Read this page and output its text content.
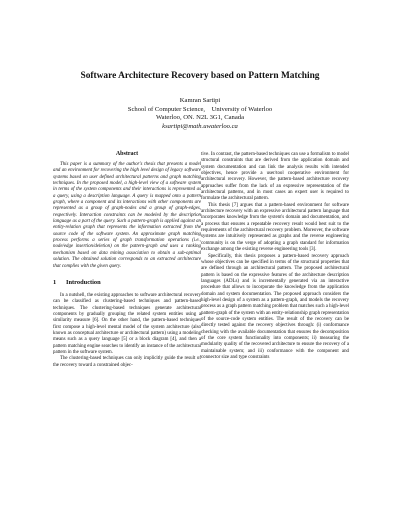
Software Architecture Recovery based on Pattern Matching
Kamran Sartipi
School of Computer Science,    University of Waterloo
Waterloo, ON. N2L 3G1, Canada
ksartipi@math.uwaterloo.ca
Abstract

This paper is a summary of the author's thesis that presents a model and an environment for recovering the high level design of legacy software systems based on user defined architectural patterns and graph matching techniques. In the proposed model, a high-level view of a software system in terms of the system components and their interactions is represented as a query, using a description language. A query is mapped onto a pattern graph, where a component and its interactions with other components are represented as a group of graph-nodes and a group of graph-edges, respectively. Interaction constraints can be modeled by the description language as a part of the query. Such a pattern-graph is applied against an entity-relation graph that represents the information extracted from the source code of the software system. An approximate graph matching process performs a series of graph transformation operations (i.e., node/edge insertion/deletion) on the pattern-graph and uses a ranking mechanism based on data mining association to obtain a sub-optimal solution. The obtained solution corresponds to an extracted architecture that complies with the given query.

1 Introduction

In a nutshell, the existing approaches to software architectural recovery can be classified as clustering-based techniques and pattern-based techniques. The clustering-based techniques generate architectural components by gradually grouping the related system entities using a similarity measure [6]. On the other hand, the pattern-based techniques first compose a high-level mental model of the system architecture (also known as conceptual architecture or architectural pattern) using a modeling means such as a query language [5] or a block diagram [4], and then a pattern matching engine searches to identify an instance of the architectural pattern in the software system.

The clustering-based techniques can only implicitly guide the result of the recovery toward a constrained objec-

tive. In contrast, the pattern-based techniques can use a formalism to model structural constraints that are derived from the application domain and system documentation and can link the analysis results with intended objectives, hence provide a user/tool cooperative environment for architectural recovery. However, the pattern-based architecture recovery approaches suffer from the lack of an expressive representation of the architectural patterns, and in most cases an expert user is required to formulate the architectural pattern.

This thesis [7] argues that a pattern-based environment for software architecture recovery with an expressive architectural pattern language that incorporates knowledge from the system's domain and documentation, and a process that ensures a repeatable recovery result would best suit to the requirements of the architectural recovery problem. Moreover, the software systems are intuitively represented as graphs and the reverse engineering community is on the verge of adopting a graph standard for information exchange among the existing reverse engineering tools [3].

Specifically, this thesis proposes a pattern-based recovery approach whose objectives can be specified in terms of the structural properties that are defined through an architectural pattern. The proposed architectural pattern is based on the expressive features of the architecture description languages (ADLs) and is incrementally generated via an interactive procedure that allows to incorporate the knowledge from the application domain and system documentation. The proposed approach considers the high-level design of a system as a pattern-graph, and models the recovery process as a graph pattern matching problem that matches such a high-level pattern-graph of the system with an entity-relationship graph representation of the source-code system entities. The result of the recovery can be directly tested against the recovery objectives through: (i) conformance checking with the available documentation that ensures the decomposition of the core system functionality into components; ii) measuring the modularity quality of the recovered architecture to ensure the recovery of a maintainable system; and iii) conformance with the component and connector size and type constraints
